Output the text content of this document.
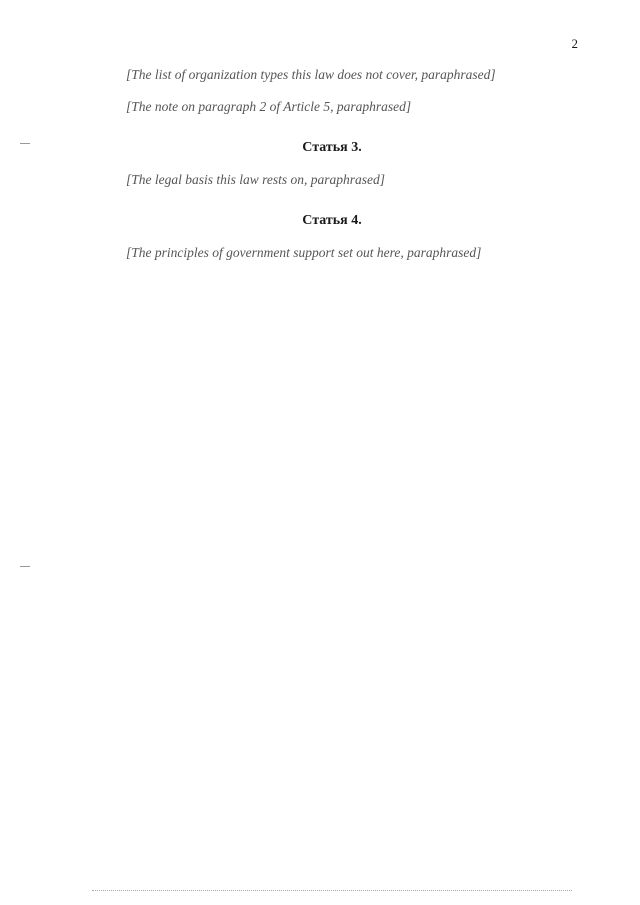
2
[The list of organization types this law does not cover, paraphrased]
[The note on paragraph 2 of Article 5, paraphrased]
Статья 3.
[The legal basis this law rests on, paraphrased]
Статья 4.
[The principles of government support set out here, paraphrased]
